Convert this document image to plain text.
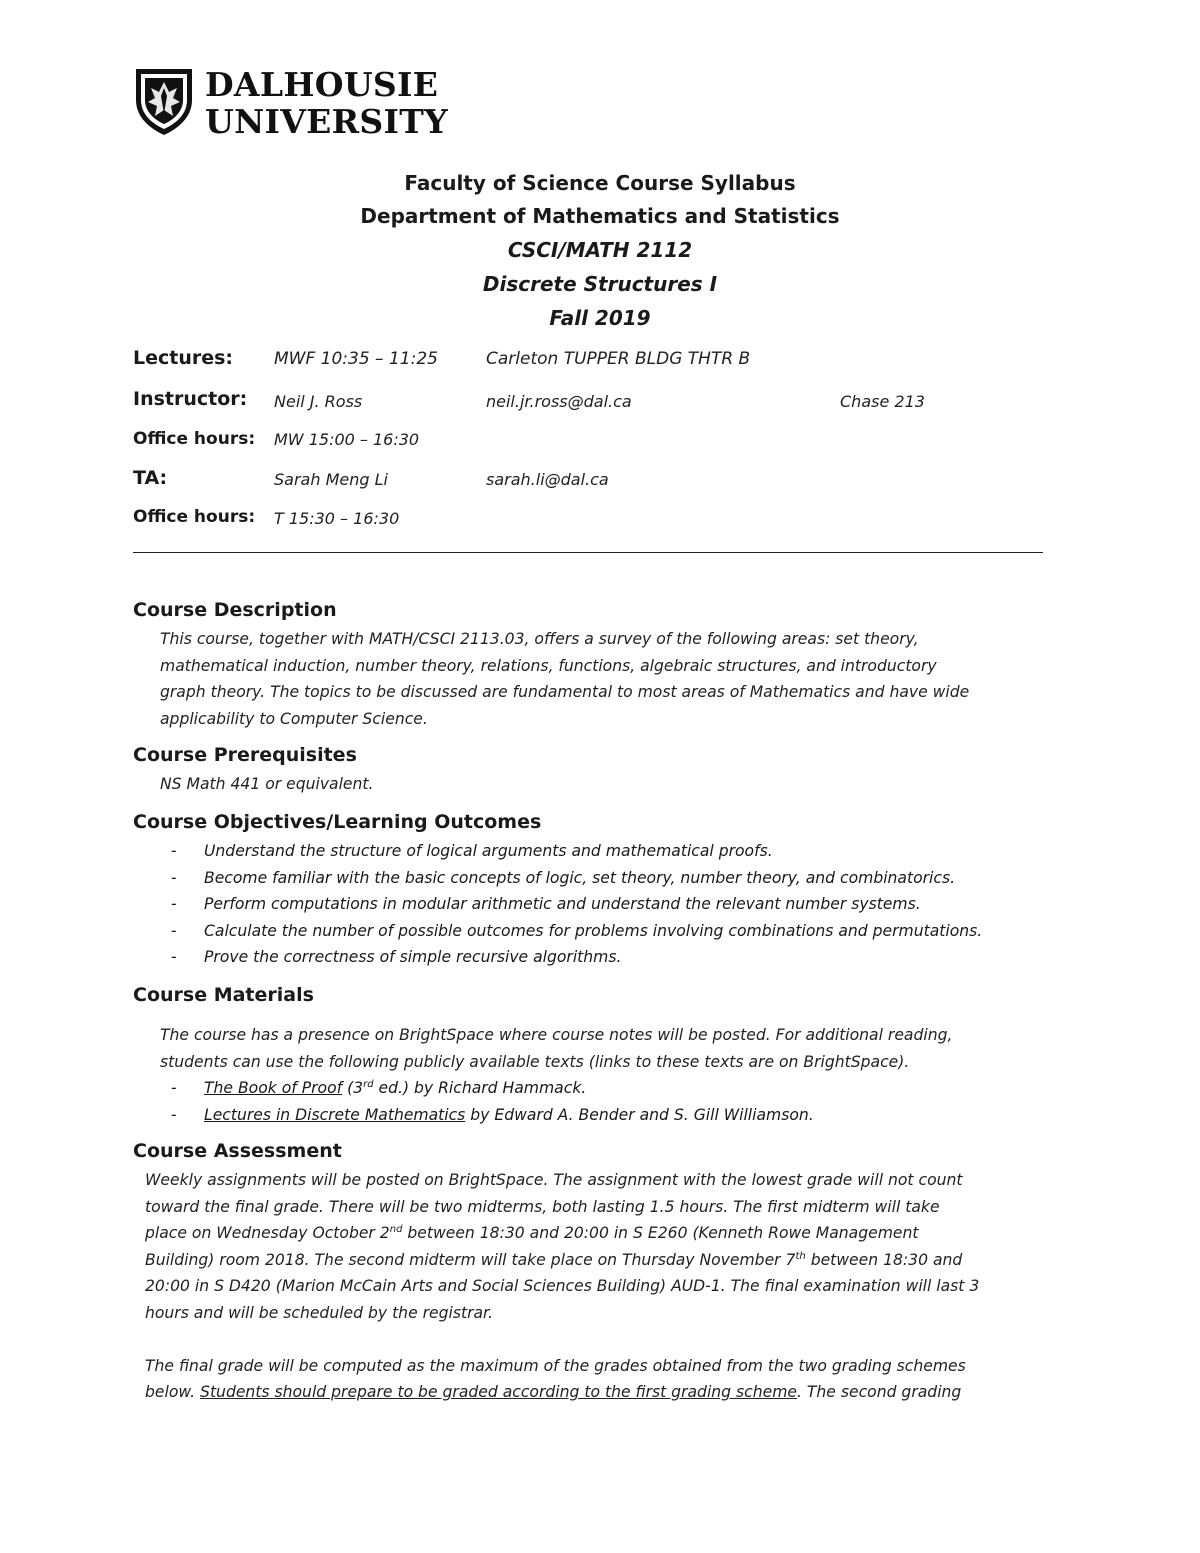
DALHOUSIE
UNIVERSITY
Faculty of Science Course Syllabus
Department of Mathematics and Statistics
CSCI/MATH 2112
Discrete Structures I
Fall 2019
Lectures: MWF 10:35 – 11:25	Carleton TUPPER BLDG THTR B
Instructor: Neil J. Ross	neil.jr.ross@dal.ca	Chase 213
Office hours: MW 15:00 – 16:30
TA:	Sarah Meng Li	sarah.li@dal.ca
Office hours: T 15:30 – 16:30
Course Description
This course, together with MATH/CSCI 2113.03, offers a survey of the following areas: set theory,
mathematical induction, number theory, relations, functions, algebraic structures, and introductory
graph theory. The topics to be discussed are fundamental to most areas of Mathematics and have wide
applicability to Computer Science.
Course Prerequisites
NS Math 441 or equivalent.
Course Objectives/Learning Outcomes
- Understand the structure of logical arguments and mathematical proofs.
- Become familiar with the basic concepts of logic, set theory, number theory, and combinatorics.
- Perform computations in modular arithmetic and understand the relevant number systems.
- Calculate the number of possible outcomes for problems involving combinations and permutations.
- Prove the correctness of simple recursive algorithms.
Course Materials
The course has a presence on BrightSpace where course notes will be posted. For additional reading,
students can use the following publicly available texts (links to these texts are on BrightSpace).
- The Book of Proof (3rd ed.) by Richard Hammack.
- Lectures in Discrete Mathematics by Edward A. Bender and S. Gill Williamson.
Course Assessment
Weekly assignments will be posted on BrightSpace. The assignment with the lowest grade will not count
toward the final grade. There will be two midterms, both lasting 1.5 hours. The first midterm will take
place on Wednesday October 2nd between 18:30 and 20:00 in S E260 (Kenneth Rowe Management
Building) room 2018. The second midterm will take place on Thursday November 7th between 18:30 and
20:00 in S D420 (Marion McCain Arts and Social Sciences Building) AUD-1. The final examination will last 3
hours and will be scheduled by the registrar.
The final grade will be computed as the maximum of the grades obtained from the two grading schemes
below. Students should prepare to be graded according to the first grading scheme. The second grading
